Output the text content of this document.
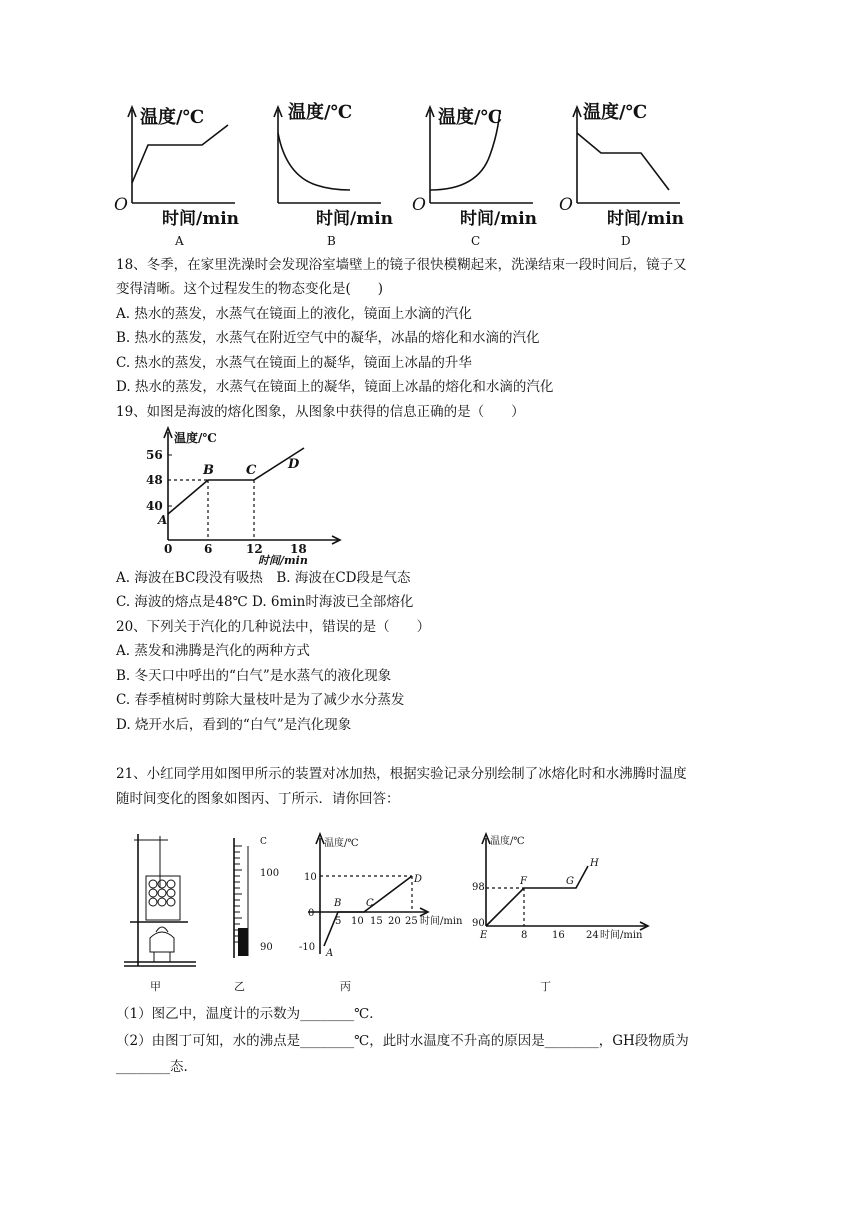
温度/℃
O
时间/min
温度/℃
时间/min
温度/℃
O
时间/min
温度/℃
O
时间/min
A	B	C	D
18、冬季，在家里洗澡时会发现浴室墙壁上的镜子很快模糊起来，洗澡结束一段时间后，镜子又
变得清晰。这个过程发生的物态变化是(　　)
A. 热水的蒸发，水蒸气在镜面上的液化，镜面上水滴的汽化
B. 热水的蒸发，水蒸气在附近空气中的凝华，冰晶的熔化和水滴的汽化
C. 热水的蒸发，水蒸气在镜面上的凝华，镜面上冰晶的升华
D. 热水的蒸发，水蒸气在镜面上的凝华，镜面上冰晶的熔化和水滴的汽化
19、如图是海波的熔化图象，从图象中获得的信息正确的是（　　）
温度/℃
56
48
40
A
B C D
0	6	12 18
时间/min
A. 海波在BC段没有吸热　B. 海波在CD段是气态
C. 海波的熔点是48℃ D. 6min时海波已全部熔化
20、下列关于汽化的几种说法中，错误的是（　　）
A. 蒸发和沸腾是汽化的两种方式
B. 冬天口中呼出的“白气”是水蒸气的液化现象
C. 春季植树时剪除大量枝叶是为了减少水分蒸发
D. 烧开水后，看到的“白气”是汽化现象
21、小红同学用如图甲所示的装置对冰加热，根据实验记录分别绘制了冰熔化时和水沸腾时温度
随时间变化的图象如图丙、丁所示．请你回答：
C
100
90
温度/℃
10
0
-10
A
B C
D
5 10 15 20 25 时间/min
温度/℃
98
90
E
F	G
H
8 16 24 时间/min
甲	乙	丙	丁
（1）图乙中，温度计的示数为________℃．
（2）由图丁可知，水的沸点是________℃，此时水温度不升高的原因是________，GH段物质为
________态.
